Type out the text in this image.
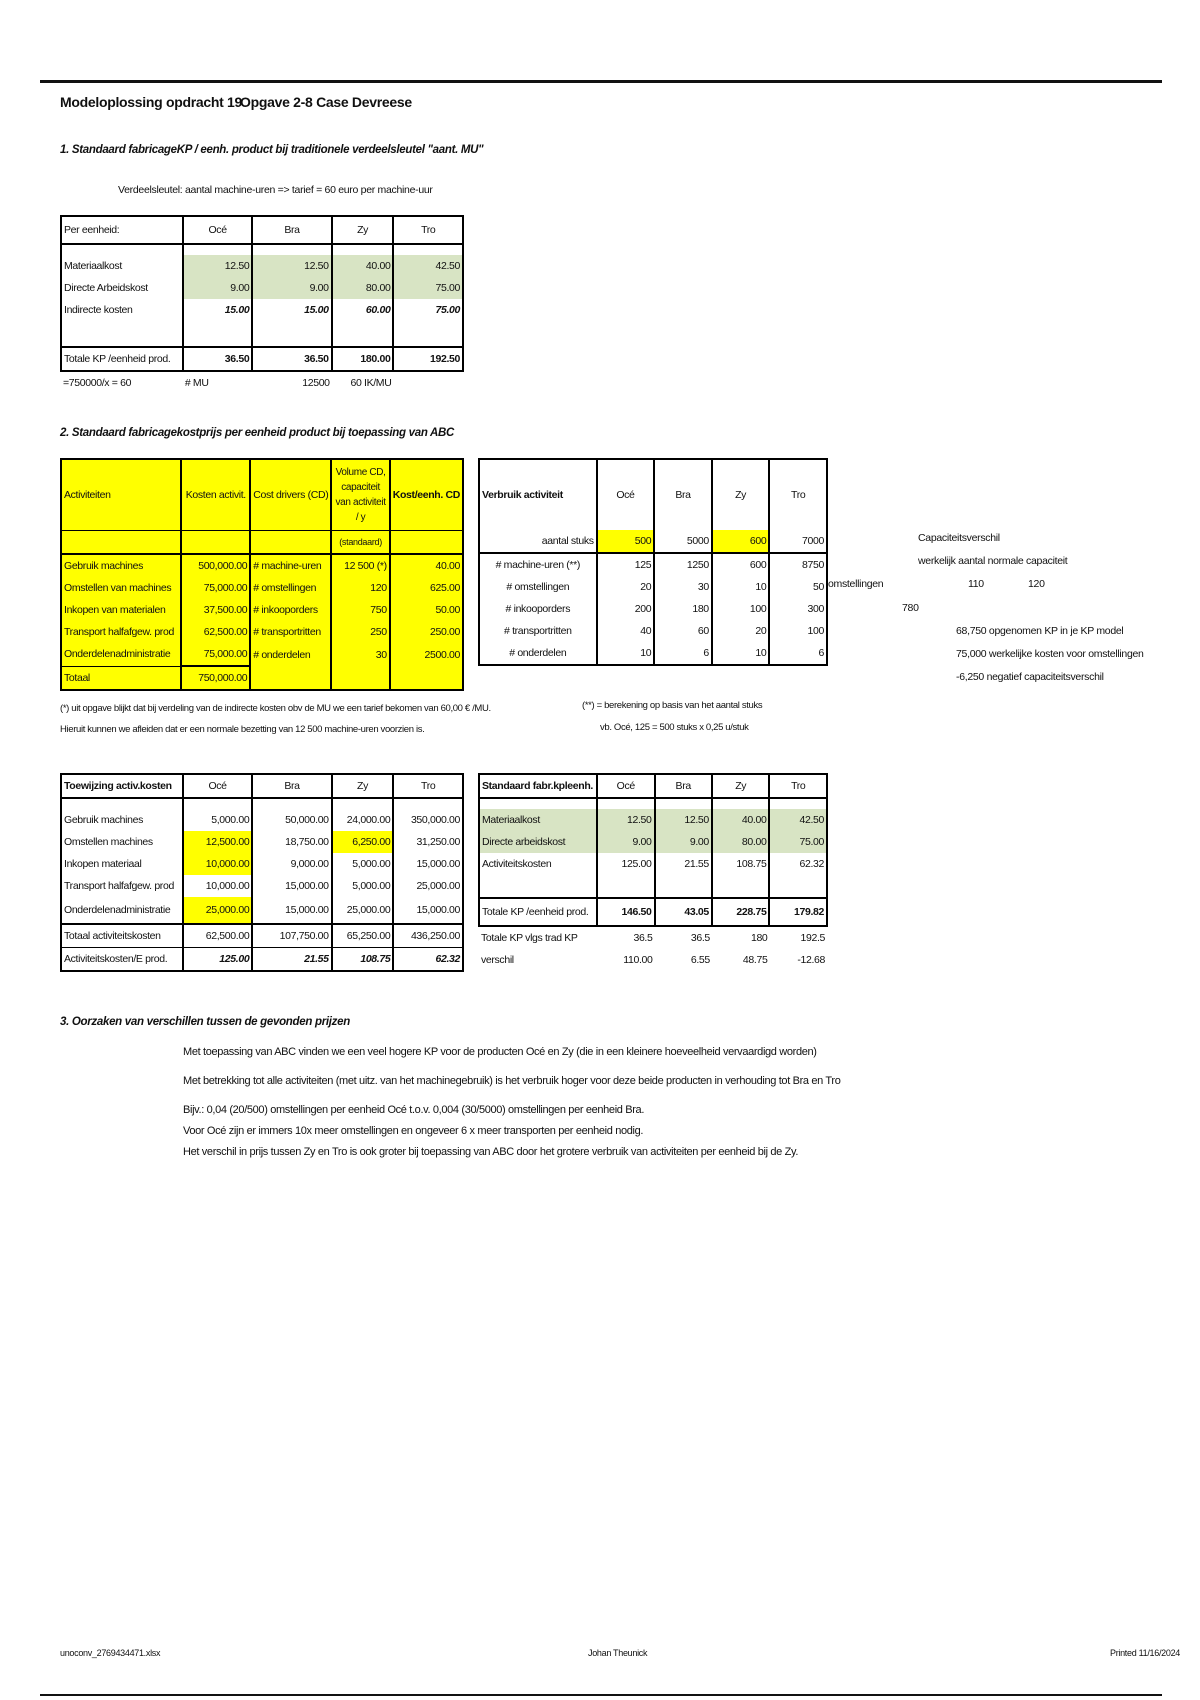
Modeloplossing opdracht 19
Opgave 2-8 Case Devreese
1. Standaard fabricageKP / eenh. product bij traditionele verdeelsleutel "aant. MU"
Verdeelsleutel: aantal machine-uren => tarief = 60 euro per machine-uur
Per eenheid:	Océ	Bra	Zy	Tro

Materiaalkost	12.50	12.50	40.00	42.50
Directe Arbeidskost	9.00	9.00	80.00	75.00
Indirecte kosten	15.00	15.00	60.00	75.00

Totale KP /eenheid prod.	36.50	36.50	180.00	192.50
=750000/x = 60	# MU	12500	60 IK/MU	
2. Standaard fabricagekostprijs per eenheid product bij toepassing van ABC
Activiteiten	Kosten activit.	Cost drivers (CD)	Volume CD, capaciteit van activiteit / y	Kost/eenh. CD
			(standaard)	
Gebruik machines	500,000.00	# machine-uren	12 500 (*)	40.00
Omstellen van machines	75,000.00	# omstellingen	120	625.00
Inkopen van materialen	37,500.00	# inkooporders	750	50.00
Transport halfafgew. prod	62,500.00	# transportritten	250	250.00
Onderdelenadministratie	75,000.00	# onderdelen	30	2500.00
Totaal	750,000.00			
(*) uit opgave blijkt dat bij verdeling van de indirecte kosten obv de MU we een tarief bekomen van 60,00 € /MU.
Hieruit kunnen we afleiden dat er een normale bezetting van 12 500 machine-uren voorzien is.
Verbruik activiteit	Océ	Bra	Zy	Tro
aantal stuks	500	5000	600	7000
# machine-uren (**)	125	1250	600	8750
# omstellingen	20	30	10	50
# inkooporders	200	180	100	300
# transportritten	40	60	20	100
# onderdelen	10	6	10	6
(**) = berekening op basis van het aantal stuks
vb. Océ, 125 = 500 stuks x 0,25 u/stuk
Capaciteitsverschil
werkelijk aantal normale capaciteit
omstellingen	110	120
780
68,750 opgenomen KP in je KP model
75,000 werkelijke kosten voor omstellingen
-6,250 negatief capaciteitsverschil
Toewijzing activ.kosten	Océ	Bra	Zy	Tro

Gebruik machines	5,000.00	50,000.00	24,000.00	350,000.00
Omstellen machines	12,500.00	18,750.00	6,250.00	31,250.00
Inkopen materiaal	10,000.00	9,000.00	5,000.00	15,000.00
Transport halfafgew. prod	10,000.00	15,000.00	5,000.00	25,000.00
Onderdelenadministratie	25,000.00	15,000.00	25,000.00	15,000.00
Totaal activiteitskosten	62,500.00	107,750.00	65,250.00	436,250.00
Activiteitskosten/E prod.	125.00	21.55	108.75	62.32
Standaard fabr.kpleenh.	Océ	Bra	Zy	Tro

Materiaalkost	12.50	12.50	40.00	42.50
Directe arbeidskost	9.00	9.00	80.00	75.00
Activiteitskosten	125.00	21.55	108.75	62.32

Totale KP /eenheid prod.	146.50	43.05	228.75	179.82
Totale KP vlgs trad KP	36.5	36.5	180	192.5
verschil	110.00	6.55	48.75	-12.68
3. Oorzaken van verschillen tussen de gevonden prijzen
Met toepassing van ABC vinden we een veel hogere KP voor de producten Océ en Zy (die in een kleinere hoeveelheid vervaardigd worden)
Met betrekking tot alle activiteiten (met uitz. van het machinegebruik) is het verbruik hoger voor deze beide producten in verhouding tot Bra en Tro
Bijv.: 0,04 (20/500) omstellingen per eenheid Océ t.o.v. 0,004 (30/5000) omstellingen per eenheid Bra.
Voor Océ zijn er immers 10x meer omstellingen en ongeveer 6 x meer transporten per eenheid nodig.
Het verschil in prijs tussen Zy en Tro is ook groter bij toepassing van ABC door het grotere verbruik van activiteiten per eenheid bij de Zy.
unoconv_2769434471.xlsx	Johan Theunick	Printed 11/16/2024
